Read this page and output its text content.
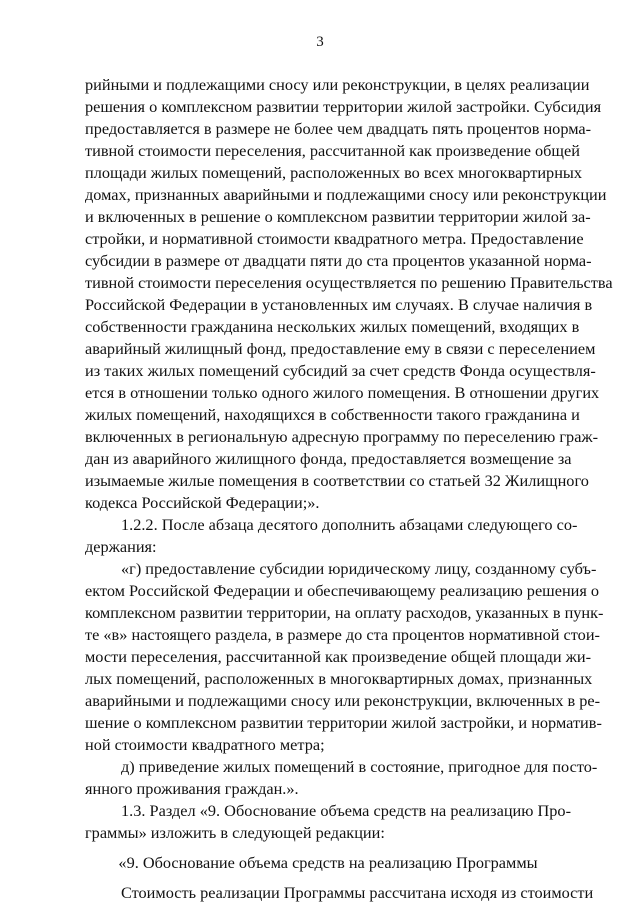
3
рийными и подлежащими сносу или реконструкции, в целях реализации
решения о комплексном развитии территории жилой застройки. Субсидия
предоставляется в размере не более чем двадцать пять процентов норма-
тивной стоимости переселения, рассчитанной как произведение общей
площади жилых помещений, расположенных во всех многоквартирных
домах, признанных аварийными и подлежащими сносу или реконструкции
и включенных в решение о комплексном развитии территории жилой за-
стройки, и нормативной стоимости квадратного метра. Предоставление
субсидии в размере от двадцати пяти до ста процентов указанной норма-
тивной стоимости переселения осуществляется по решению Правительства
Российской Федерации в установленных им случаях. В случае наличия в
собственности гражданина нескольких жилых помещений, входящих в
аварийный жилищный фонд, предоставление ему в связи с переселением
из таких жилых помещений субсидий за счет средств Фонда осуществля-
ется в отношении только одного жилого помещения. В отношении других
жилых помещений, находящихся в собственности такого гражданина и
включенных в региональную адресную программу по переселению граж-
дан из аварийного жилищного фонда, предоставляется возмещение за
изымаемые жилые помещения в соответствии со статьей 32 Жилищного
кодекса Российской Федерации;».
1.2.2. После абзаца десятого дополнить абзацами следующего со-
держания:
«г) предоставление субсидии юридическому лицу, созданному субъ-
ектом Российской Федерации и обеспечивающему реализацию решения о
комплексном развитии территории, на оплату расходов, указанных в пунк-
те «в» настоящего раздела, в размере до ста процентов нормативной стои-
мости переселения, рассчитанной как произведение общей площади жи-
лых помещений, расположенных в многоквартирных домах, признанных
аварийными и подлежащими сносу или реконструкции, включенных в ре-
шение о комплексном развитии территории жилой застройки, и норматив-
ной стоимости квадратного метра;
д) приведение жилых помещений в состояние, пригодное для посто-
янного проживания граждан.».
1.3. Раздел «9. Обоснование объема средств на реализацию Про-
граммы» изложить в следующей редакции:
«9. Обоснование объема средств на реализацию Программы
Стоимость реализации Программы рассчитана исходя из стоимости
